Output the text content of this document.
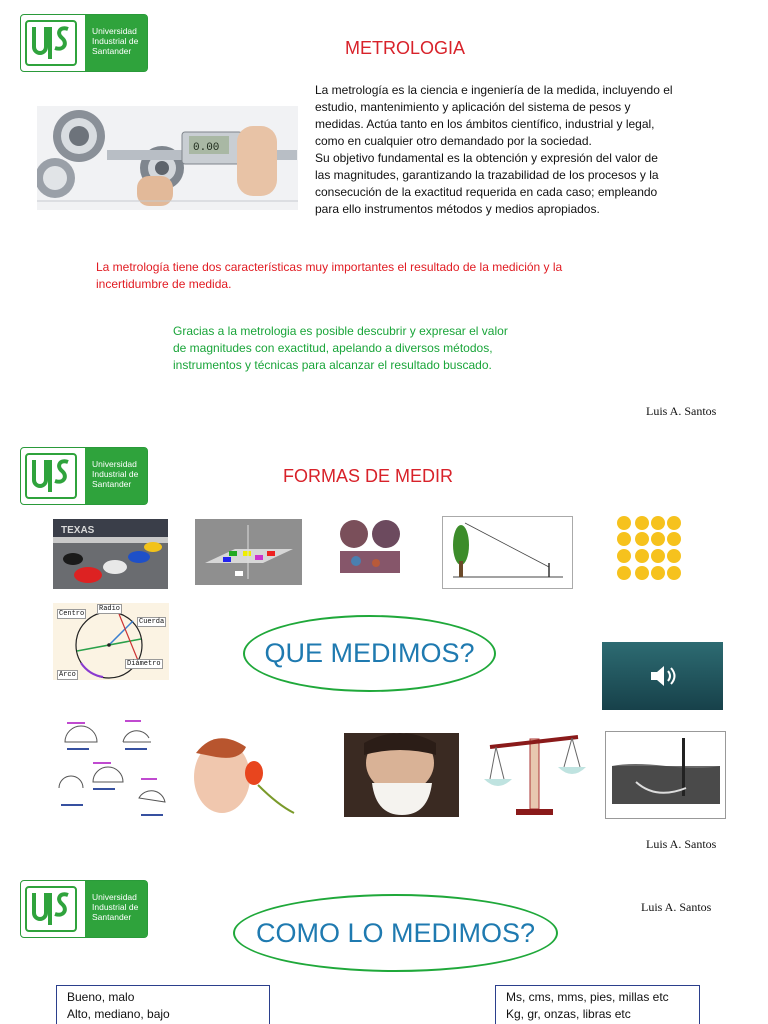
Universidad
Industrial de
Santander	METROLOGIA
0.00
La metrología es la ciencia e ingeniería de la medida, incluyendo el
estudio, mantenimiento y aplicación del sistema de pesos y
medidas. Actúa tanto en los ámbitos científico, industrial y legal,
como en cualquier otro demandado por la sociedad.
Su objetivo fundamental es la obtención y expresión del valor de
las magnitudes, garantizando la trazabilidad de los procesos y la
consecución de la exactitud requerida en cada caso; empleando
para ello instrumentos métodos y medios apropiados.
La metrología tiene dos características muy importantes el resultado de la medición y la
incertidumbre de medida.
Gracias a la metrologia es posible descubrir y expresar el valor
de magnitudes con exactitud, apelando a diversos métodos,
instrumentos y técnicas para alcanzar el resultado buscado.
Luis A. Santos
Universidad
Industrial de
Santander	FORMAS DE MEDIR
TEXAS
Centro
Radio
Cuerda
Diámetro
Arco
QUE MEDIMOS?
Luis A. Santos
Universidad
Industrial de
Santander
Luis A. Santos
COMO LO MEDIMOS?
Bueno, malo
Alto, mediano, bajo
Ms, cms, mms, pies, millas etc
Kg, gr, onzas, libras etc
